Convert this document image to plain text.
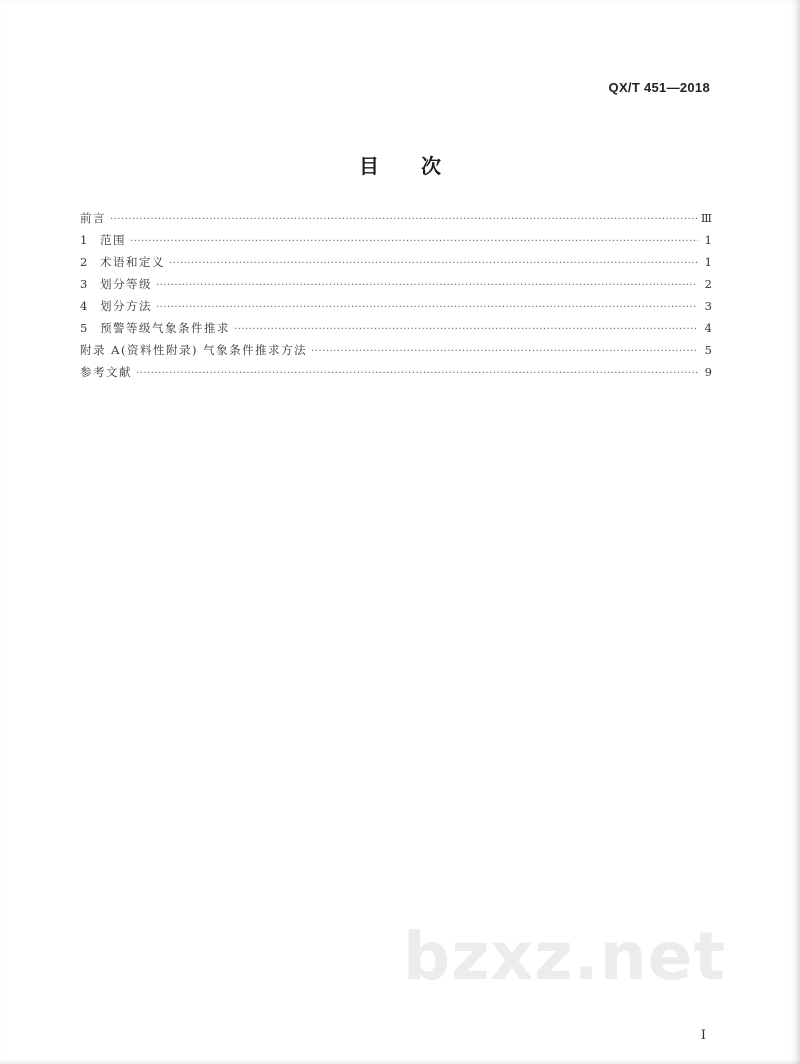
QX/T 451—2018
目 次
前言 ·····	Ⅲ
1	范围 ·····	1
2	术语和定义 ·····	1
3	划分等级 ·····	2
4	划分方法 ·····	3
5	预警等级气象条件推求 ·····	4
附录 A(资料性附录) 气象条件推求方法 ·····	5
参考文献 ·····	9
bzxz.net
I
